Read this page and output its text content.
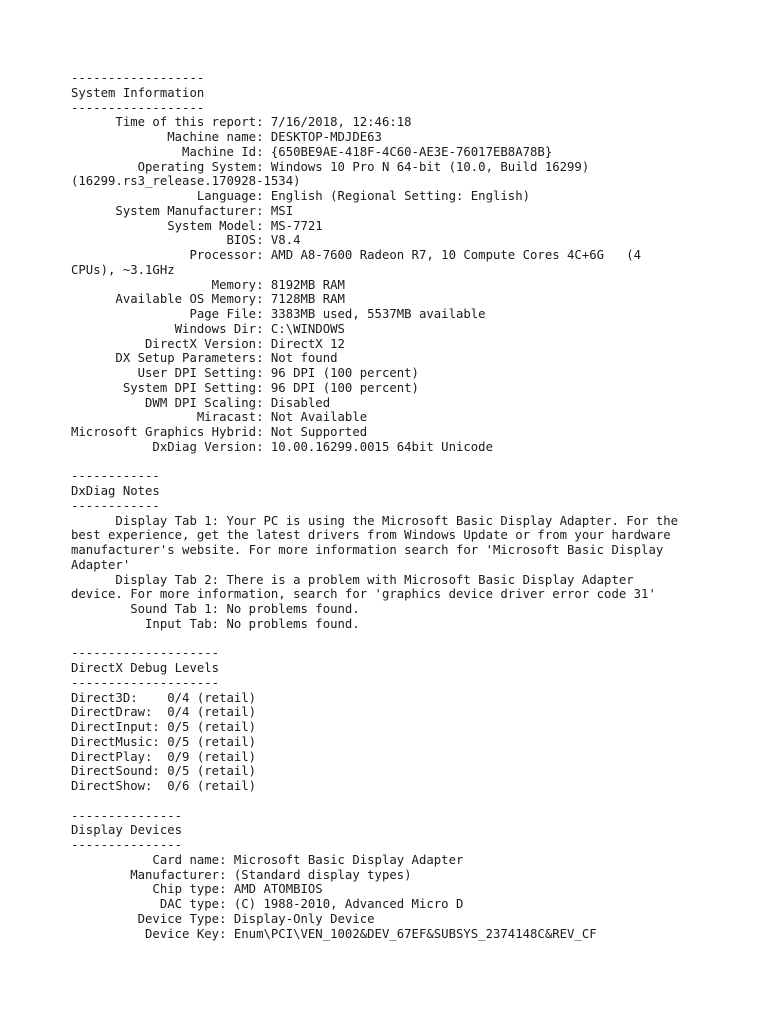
------------------
System Information
------------------
Time of this report: 7/16/2018, 12:46:18
Machine name: DESKTOP-MDJDE63
Machine Id: {650BE9AE-418F-4C60-AE3E-76017EB8A78B}
Operating System: Windows 10 Pro N 64-bit (10.0, Build 16299)
(16299.rs3_release.170928-1534)
Language: English (Regional Setting: English)
System Manufacturer: MSI
System Model: MS-7721
BIOS: V8.4
Processor: AMD A8-7600 Radeon R7, 10 Compute Cores 4C+6G   (4
CPUs), ~3.1GHz
Memory: 8192MB RAM
Available OS Memory: 7128MB RAM
Page File: 3383MB used, 5537MB available
Windows Dir: C:\WINDOWS
DirectX Version: DirectX 12
DX Setup Parameters: Not found
User DPI Setting: 96 DPI (100 percent)
System DPI Setting: 96 DPI (100 percent)
DWM DPI Scaling: Disabled
Miracast: Not Available
Microsoft Graphics Hybrid: Not Supported
DxDiag Version: 10.00.16299.0015 64bit Unicode
------------
DxDiag Notes
------------
Display Tab 1: Your PC is using the Microsoft Basic Display Adapter. For the
best experience, get the latest drivers from Windows Update or from your hardware
manufacturer's website. For more information search for 'Microsoft Basic Display
Adapter'
Display Tab 2: There is a problem with Microsoft Basic Display Adapter
device. For more information, search for 'graphics device driver error code 31'
Sound Tab 1: No problems found.
Input Tab: No problems found.
--------------------
DirectX Debug Levels
--------------------
Direct3D:    0/4 (retail)
DirectDraw:  0/4 (retail)
DirectInput: 0/5 (retail)
DirectMusic: 0/5 (retail)
DirectPlay:  0/9 (retail)
DirectSound: 0/5 (retail)
DirectShow:  0/6 (retail)
---------------
Display Devices
---------------
Card name: Microsoft Basic Display Adapter
Manufacturer: (Standard display types)
Chip type: AMD ATOMBIOS
DAC type: (C) 1988-2010, Advanced Micro D
Device Type: Display-Only Device
Device Key: Enum\PCI\VEN_1002&DEV_67EF&SUBSYS_2374148C&REV_CF
